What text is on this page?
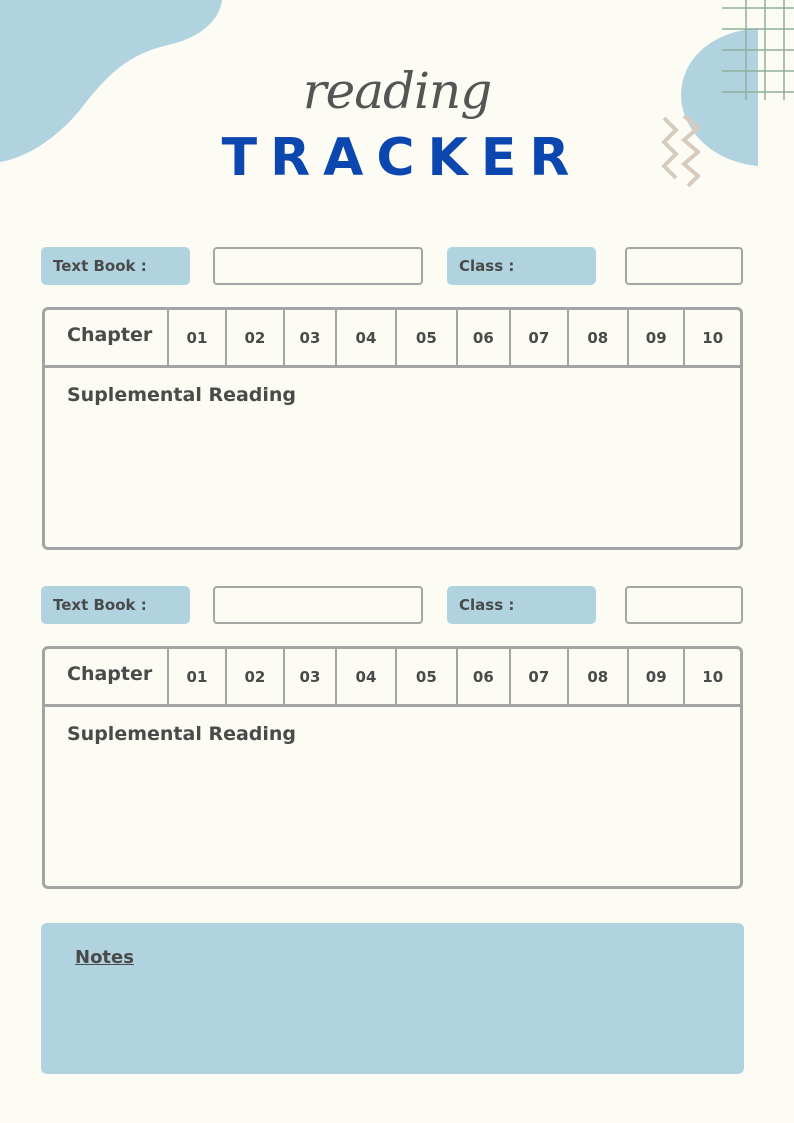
reading
TRACKER
Text Book :	Class :
Chapter	01	02	03	04	05	06	07	08	09	10
Suplemental Reading
Text Book :	Class :
Chapter	01	02	03	04	05	06	07	08	09	10
Suplemental Reading
Notes
